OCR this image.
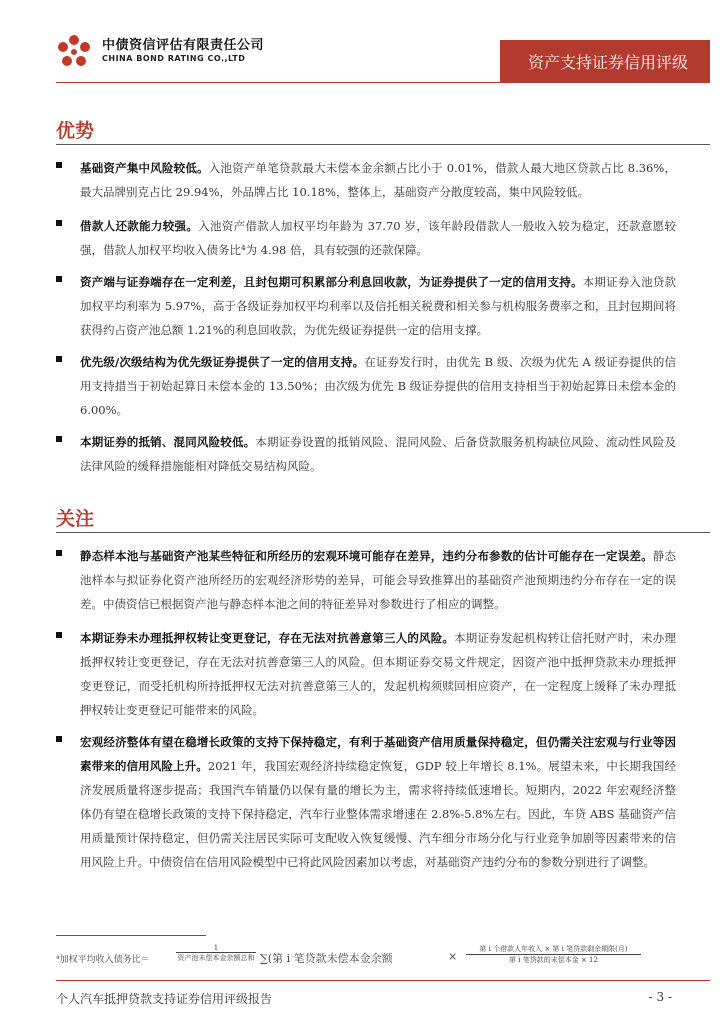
中债资信评估有限责任公司
CHINA BOND RATING CO.,LTD	资产支持证券信用评级
优势
基础资产集中风险较低。入池资产单笔贷款最大未偿本金余额占比小于 0.01%，借款人最大地区贷款占比 8.36%，最大品牌别克占比 29.94%，外品牌占比 10.18%，整体上，基础资产分散度较高，集中风险较低。
借款人还款能力较强。入池资产借款人加权平均年龄为 37.70 岁，该年龄段借款人一般收入较为稳定，还款意愿较强，借款人加权平均收入债务比⁴为 4.98 倍，具有较强的还款保障。
资产端与证券端存在一定利差，且封包期可积累部分利息回收款，为证券提供了一定的信用支持。本期证券入池贷款加权平均利率为 5.97%，高于各级证券加权平均利率以及信托相关税费和相关参与机构服务费率之和，且封包期间将获得约占资产池总额 1.21%的利息回收款，为优先级证券提供一定的信用支撑。
优先级/次级结构为优先级证券提供了一定的信用支持。在证券发行时，由优先 B 级、次级为优先 A 级证券提供的信用支持措当于初始起算日未偿本金的 13.50%；由次级为优先 B 级证券提供的信用支持相当于初始起算日未偿本金的 6.00%。
本期证券的抵销、混同风险较低。本期证券设置的抵销风险、混同风险、后备贷款服务机构缺位风险、流动性风险及法律风险的缓释措施能相对降低交易结构风险。
关注
静态样本池与基础资产池某些特征和所经历的宏观环境可能存在差异，违约分布参数的估计可能存在一定误差。静态池样本与拟证券化资产池所经历的宏观经济形势的差异，可能会导致推算出的基础资产池预期违约分布存在一定的误差。中债资信已根据资产池与静态样本池之间的特征差异对参数进行了相应的调整。
本期证券未办理抵押权转让变更登记，存在无法对抗善意第三人的风险。本期证券发起机构转让信托财产时，未办理抵押权转让变更登记，存在无法对抗善意第三人的风险。但本期证券交易文件规定，因资产池中抵押贷款未办理抵押变更登记，而受托机构所持抵押权无法对抗善意第三人的，发起机构须赎回相应资产，在一定程度上缓释了未办理抵押权转让变更登记可能带来的风险。
宏观经济整体有望在稳增长政策的支持下保持稳定，有利于基础资产信用质量保持稳定，但仍需关注宏观与行业等因素带来的信用风险上升。2021 年，我国宏观经济持续稳定恢复，GDP 较上年增长 8.1%。展望未来，中长期我国经济发展质量将逐步提高；我国汽车销量仍以保有量的增长为主，需求将持续低速增长。短期内，2022 年宏观经济整体仍有望在稳增长政策的支持下保持稳定，汽车行业整体需求增速在 2.8%-5.8%左右。因此，车贷 ABS 基础资产信用质量预计保持稳定，但仍需关注居民实际可支配收入恢复缓慢、汽车细分市场分化与行业竞争加剧等因素带来的信用风险上升。中债资信在信用风险模型中已将此风险因素加以考虑，对基础资产违约分布的参数分别进行了调整。
⁴加权平均收入债务比＝
1
资产池未偿本金余额总和 ∑(第 i 笔贷款未偿本金余额	×
第 i 个借款人年收入 × 第 i 笔贷款剩余期限(月)
第 i 笔贷款的未偿本金 × 12
个人汽车抵押贷款支持证券信用评级报告	- 3 -
